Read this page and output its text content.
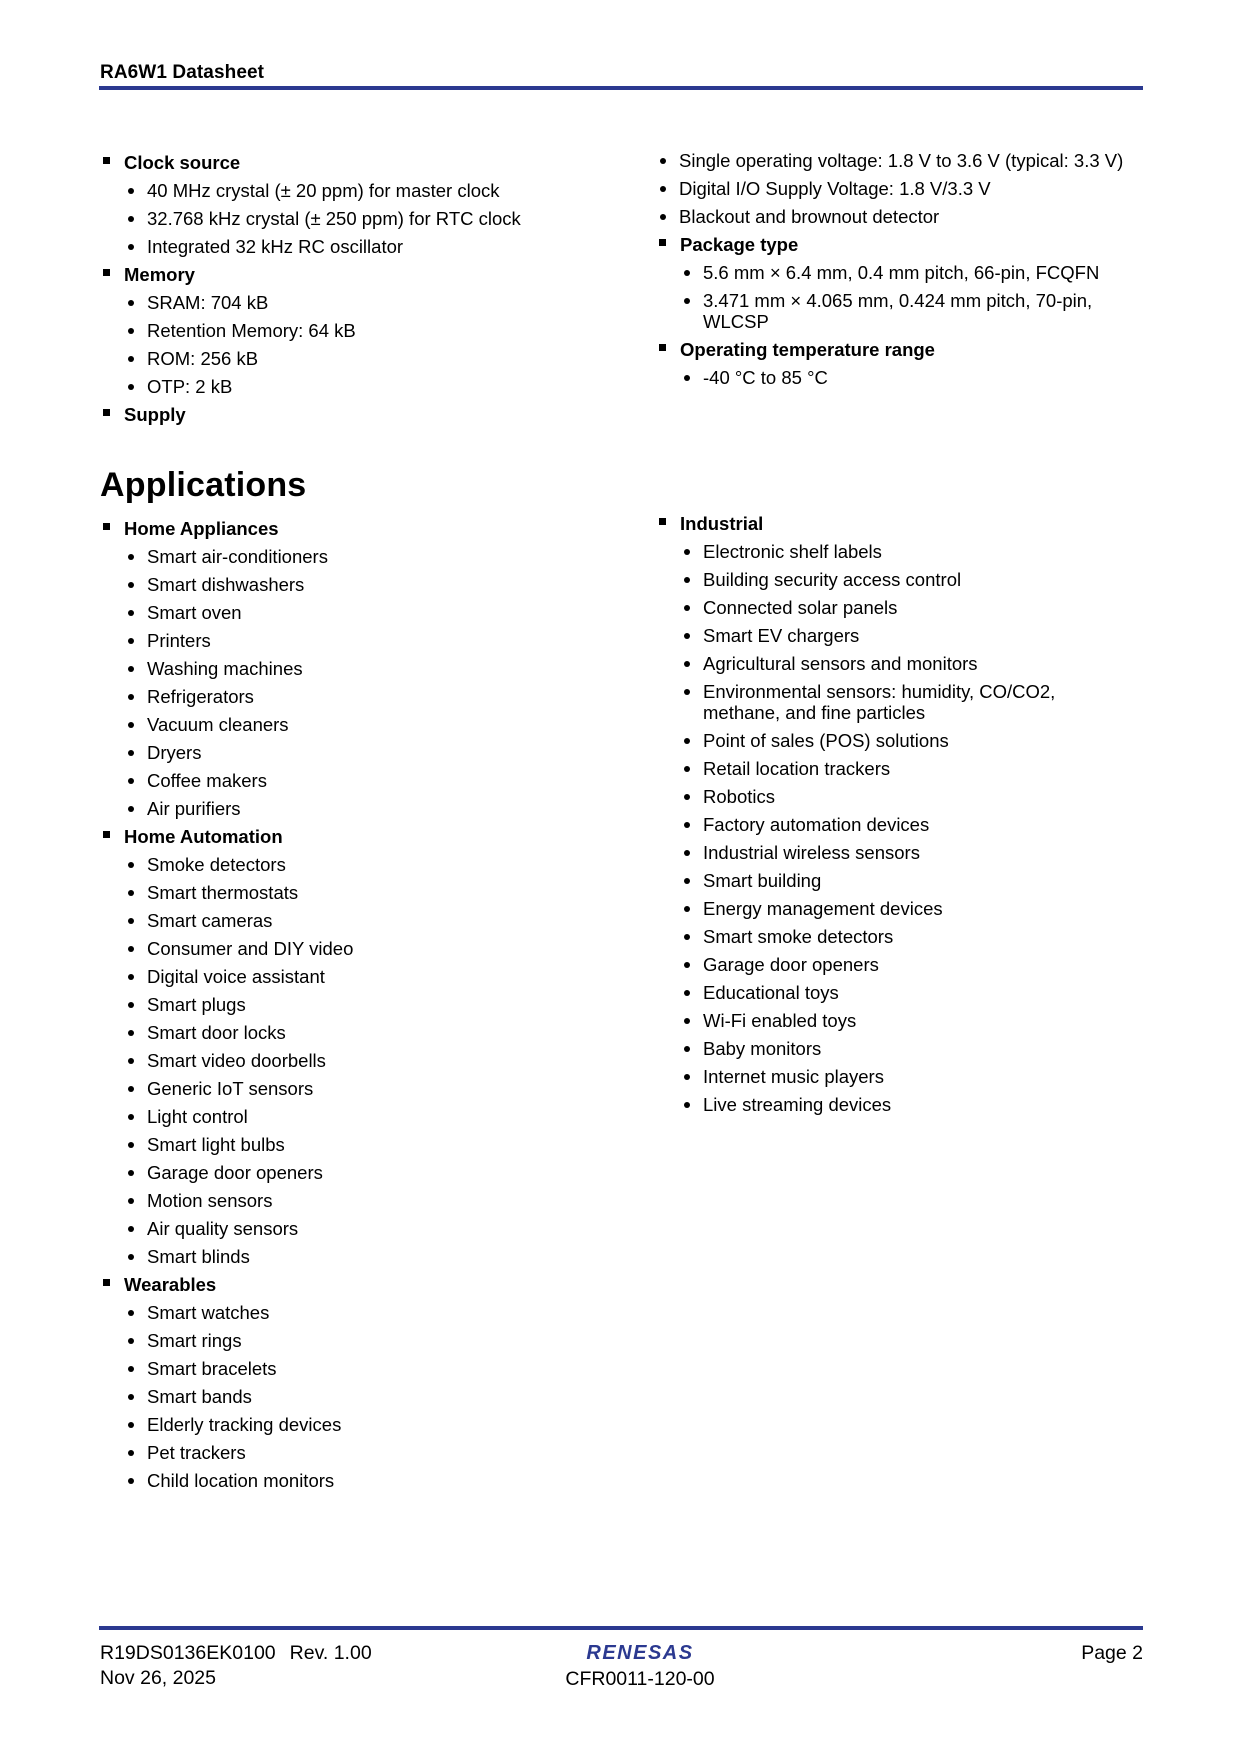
RA6W1 Datasheet
Clock source
40 MHz crystal (± 20 ppm) for master clock
32.768 kHz crystal (± 250 ppm) for RTC clock
Integrated 32 kHz RC oscillator
Memory
SRAM: 704 kB
Retention Memory: 64 kB
ROM: 256 kB
OTP: 2 kB
Supply
Single operating voltage: 1.8 V to 3.6 V (typical: 3.3 V)
Digital I/O Supply Voltage: 1.8 V/3.3 V
Blackout and brownout detector
Package type
5.6 mm × 6.4 mm, 0.4 mm pitch, 66-pin, FCQFN
3.471 mm × 4.065 mm, 0.424 mm pitch, 70-pin, WLCSP
Operating temperature range
-40 °C to 85 °C
Applications
Home Appliances
Smart air-conditioners
Smart dishwashers
Smart oven
Printers
Washing machines
Refrigerators
Vacuum cleaners
Dryers
Coffee makers
Air purifiers
Home Automation
Smoke detectors
Smart thermostats
Smart cameras
Consumer and DIY video
Digital voice assistant
Smart plugs
Smart door locks
Smart video doorbells
Generic IoT sensors
Light control
Smart light bulbs
Garage door openers
Motion sensors
Air quality sensors
Smart blinds
Wearables
Smart watches
Smart rings
Smart bracelets
Smart bands
Elderly tracking devices
Pet trackers
Child location monitors
Industrial
Electronic shelf labels
Building security access control
Connected solar panels
Smart EV chargers
Agricultural sensors and monitors
Environmental sensors: humidity, CO/CO2, methane, and fine particles
Point of sales (POS) solutions
Retail location trackers
Robotics
Factory automation devices
Industrial wireless sensors
Smart building
Energy management devices
Smart smoke detectors
Garage door openers
Educational toys
Wi-Fi enabled toys
Baby monitors
Internet music players
Live streaming devices
R19DS0136EK0100 Rev. 1.00
Nov 26, 2025
RENESAS
CFR0011-120-00
Page 2
